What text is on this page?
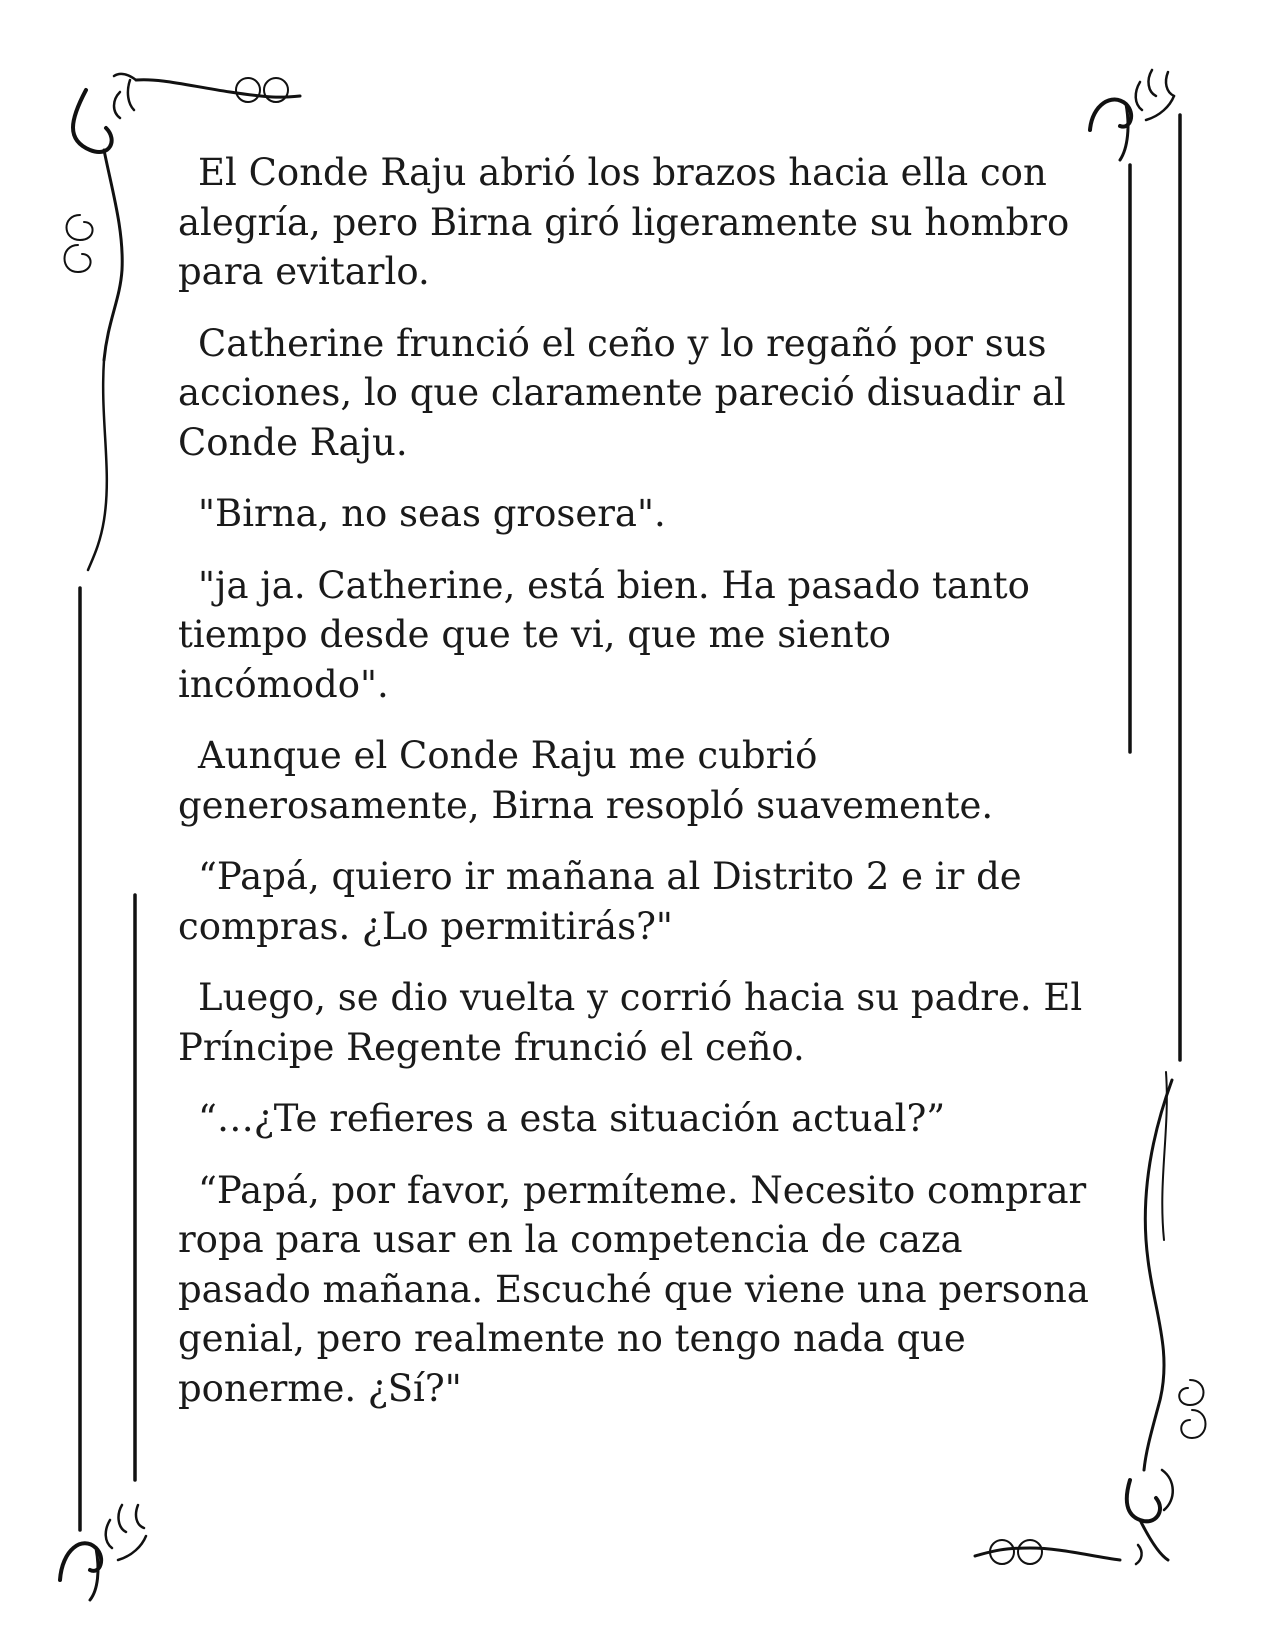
El Conde Raju abrió los brazos hacia ella con alegría, pero Birna giró ligeramente su hombro para evitarlo.

Catherine frunció el ceño y lo regañó por sus acciones, lo que claramente pareció disuadir al Conde Raju.

"Birna, no seas grosera".

"ja ja. Catherine, está bien. Ha pasado tanto tiempo desde que te vi, que me siento incómodo".

Aunque el Conde Raju me cubrió generosamente, Birna resopló suavemente.

“Papá, quiero ir mañana al Distrito 2 e ir de compras. ¿Lo permitirás?"

Luego, se dio vuelta y corrió hacia su padre. El Príncipe Regente frunció el ceño.

“…¿Te refieres a esta situación actual?”

“Papá, por favor, permíteme. Necesito comprar ropa para usar en la competencia de caza pasado mañana. Escuché que viene una persona genial, pero realmente no tengo nada que ponerme. ¿Sí?"
